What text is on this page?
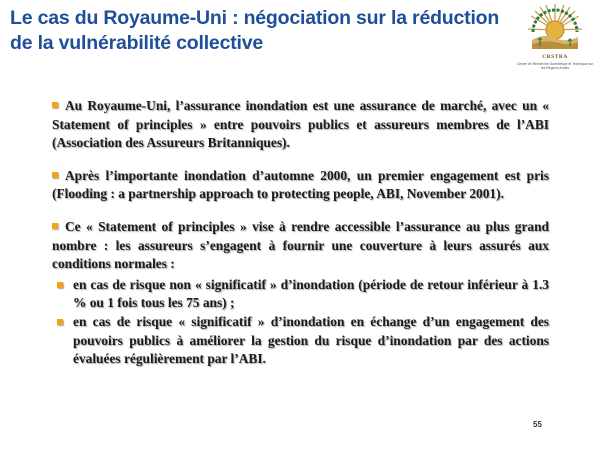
Le cas du Royaume-Uni : négociation sur la réduction de la vulnérabilité collective
CRSTRA
Centre de Recherche Scientifique et Technique sur les Régions Arides

Au Royaume-Uni, l’assurance inondation est une assurance de marché, avec un « Statement of principles » entre pouvoirs publics et assureurs membres de l’ABI (Association des Assureurs Britanniques).

Après l’importante inondation d’automne 2000, un premier engagement est pris (Flooding : a partnership approach to protecting people, ABI, November 2001).

Ce « Statement of principles » vise à rendre accessible l’assurance au plus grand nombre : les assureurs s’engagent à fournir une couverture à leurs assurés aux conditions normales :

en cas de risque non « significatif » d’inondation (période de retour inférieur à 1.3 % ou 1 fois tous les 75 ans) ;
en cas de risque « significatif » d’inondation en échange d’un engagement des pouvoirs publics à améliorer la gestion du risque d’inondation par des actions évaluées régulièrement par l’ABI.
55
